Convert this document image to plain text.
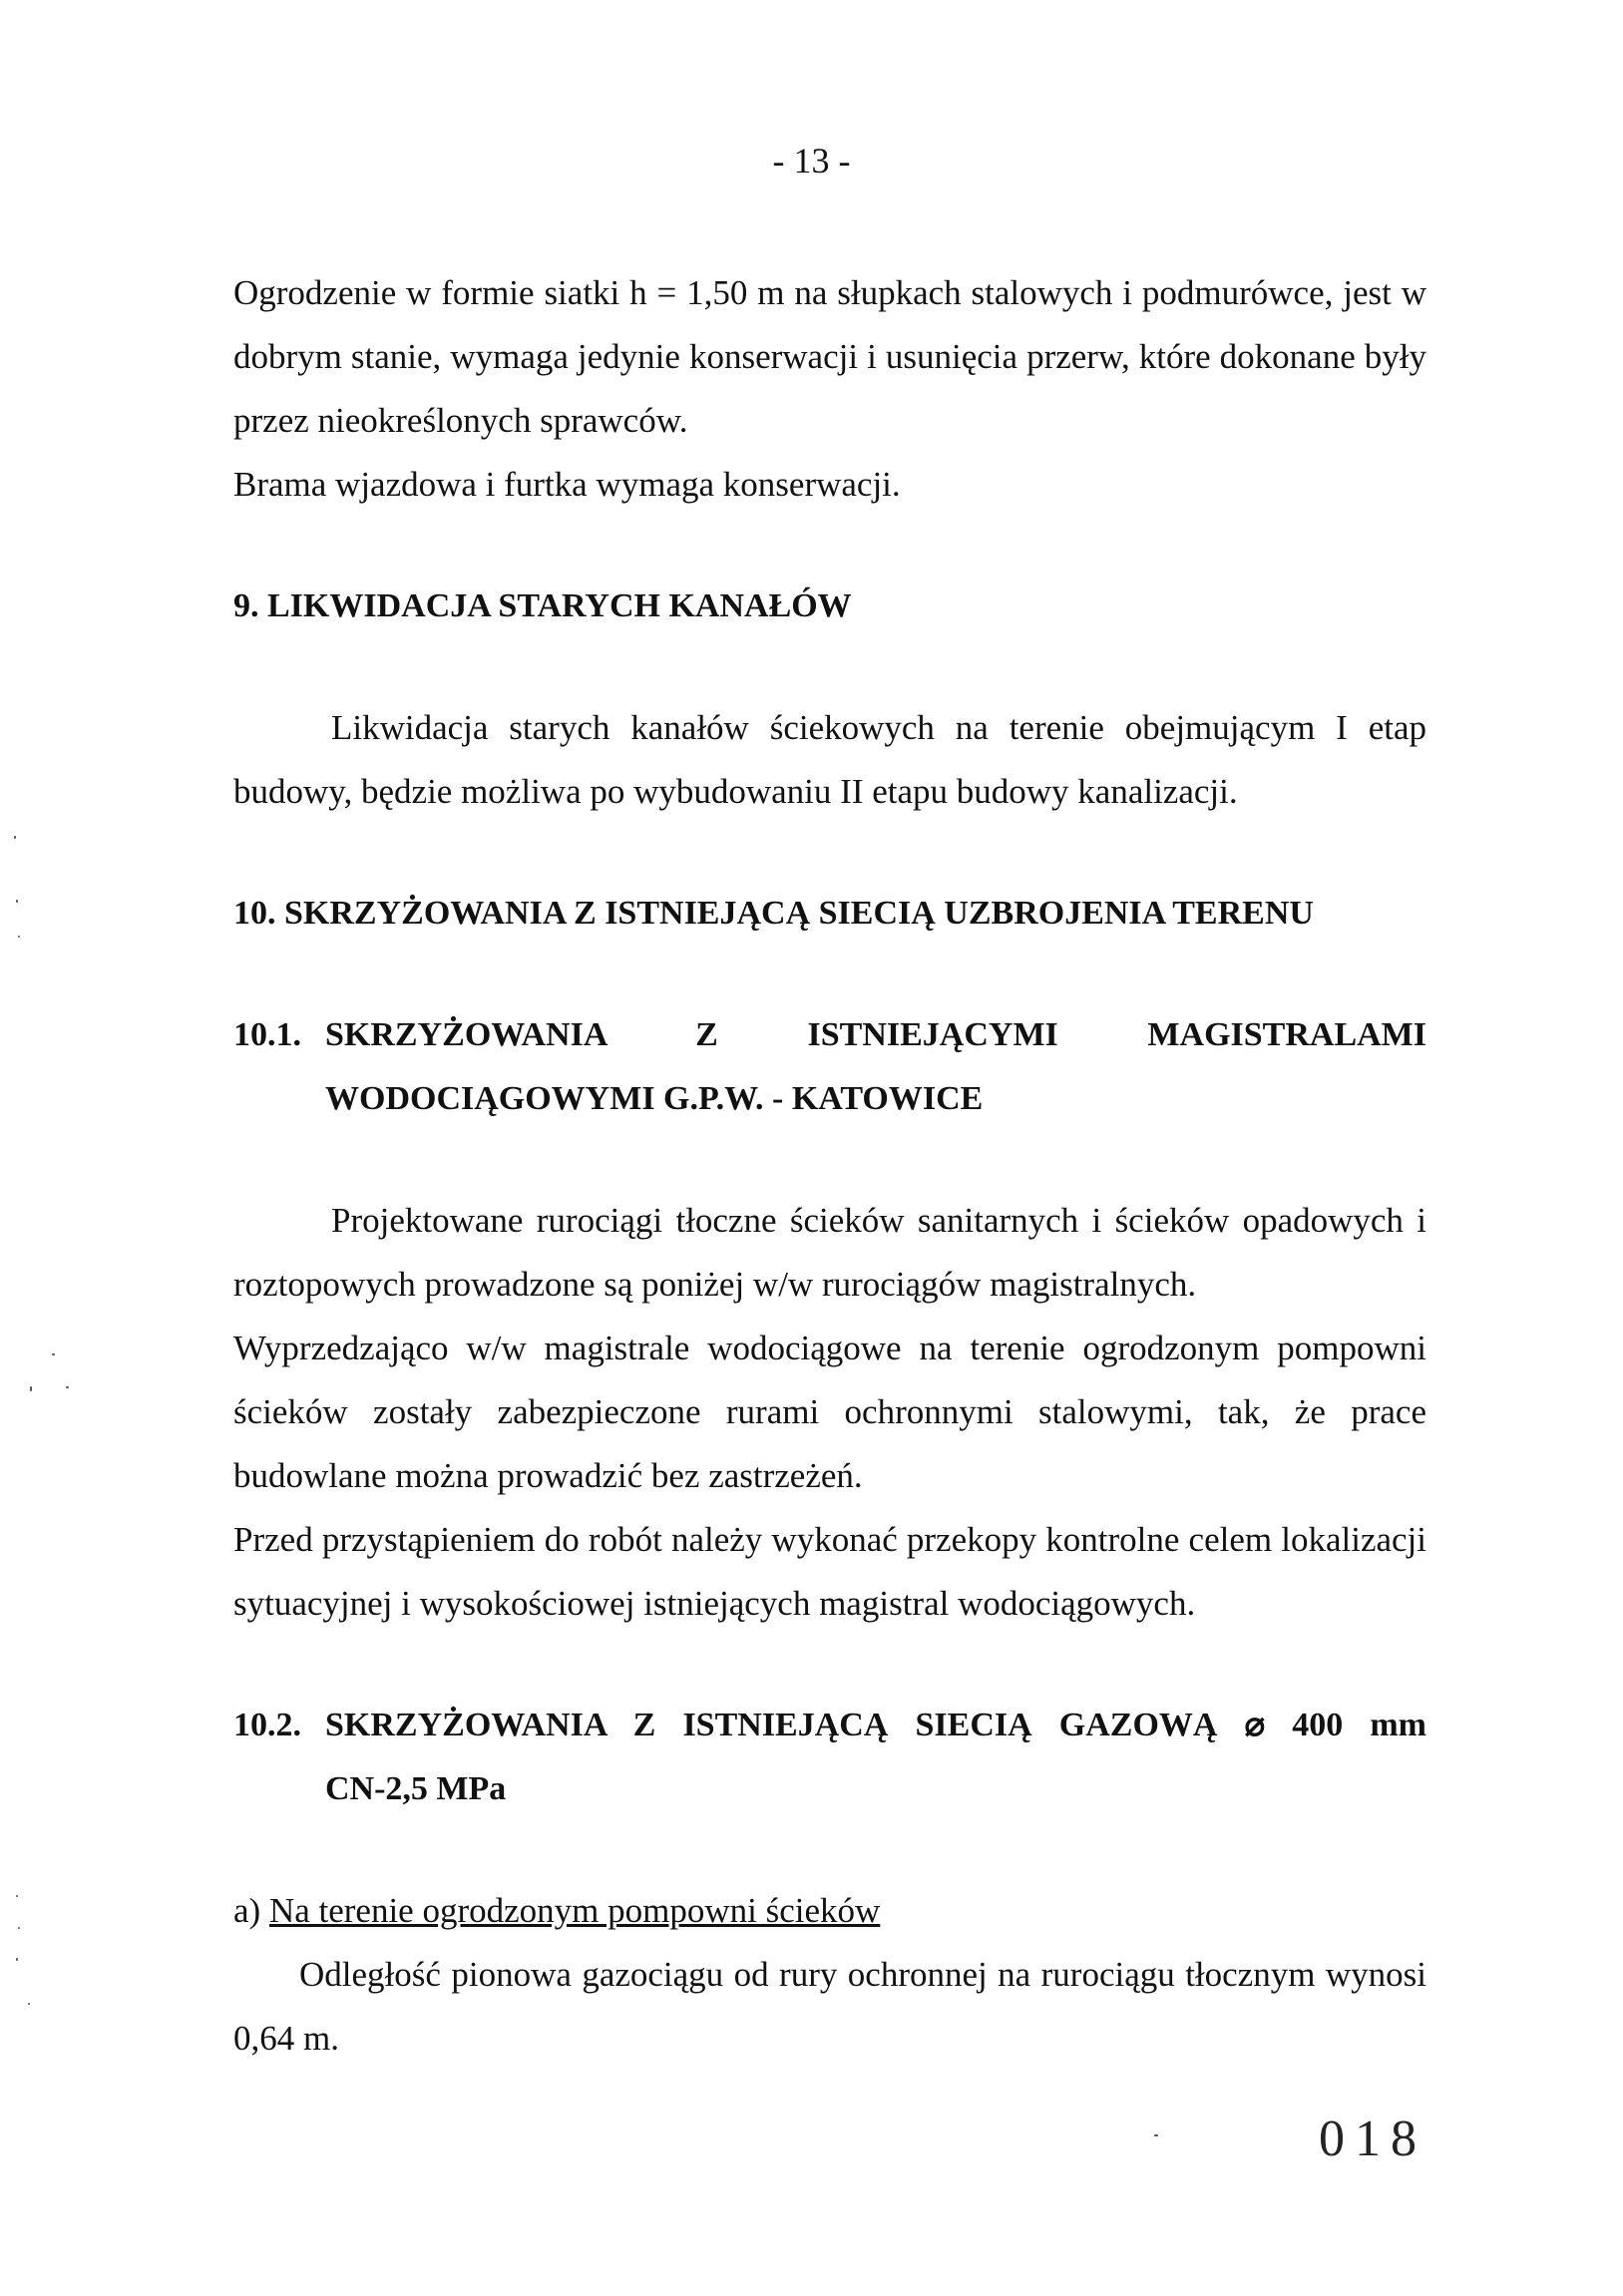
- 13 -

Ogrodzenie w formie siatki h = 1,50 m na słupkach stalowych i podmurówce, jest w dobrym stanie, wymaga jedynie konserwacji i usunięcia przerw, które dokonane były przez nieokreślonych sprawców.

Brama wjazdowa i furtka wymaga konserwacji.

9. LIKWIDACJA STARYCH KANAŁÓW

Likwidacja starych kanałów ściekowych na terenie obejmującym I etap budowy, będzie możliwa po wybudowaniu II etapu budowy kanalizacji.

10. SKRZYŻOWANIA Z ISTNIEJĄCĄ SIECIĄ UZBROJENIA TERENU
10.1. SKRZYŻOWANIA Z ISTNIEJĄCYMI MAGISTRALAMI
WODOCIĄGOWYMI G.P.W. - KATOWICE

Projektowane rurociągi tłoczne ścieków sanitarnych i ścieków opadowych i roztopowych prowadzone są poniżej w/w rurociągów magistralnych.

Wyprzedzająco w/w magistrale wodociągowe na terenie ogrodzonym pompowni ścieków zostały zabezpieczone rurami ochronnymi stalowymi, tak, że prace budowlane można prowadzić bez zastrzeżeń.

Przed przystąpieniem do robót należy wykonać przekopy kontrolne celem lokalizacji sytuacyjnej i wysokościowej istniejących magistral wodociągowych.

10.2. SKRZYŻOWANIA Z ISTNIEJĄCĄ SIECIĄ GAZOWĄ ⌀ 400 mm
CN-2,5 MPa

a) Na terenie ogrodzonym pompowni ścieków

Odległość pionowa gazociągu od rury ochronnej na rurociągu tłocznym wynosi 0,64 m.

018
